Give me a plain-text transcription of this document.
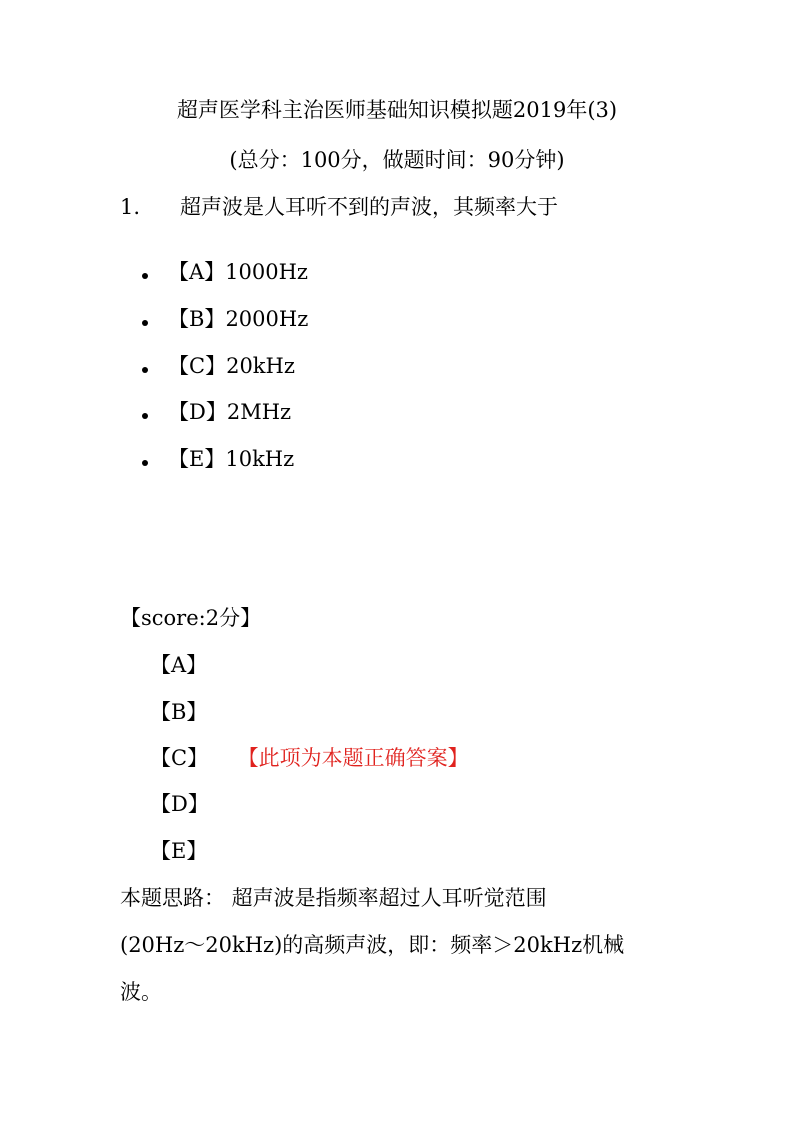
超声医学科主治医师基础知识模拟题2019年(3)
(总分：100分，做题时间：90分钟)
1. 超声波是人耳听不到的声波，其频率大于
【A】1000Hz
【B】2000Hz
【C】20kHz
【D】2MHz
【E】10kHz
【score:2分】
【A】
【B】
【C】 【此项为本题正确答案】
【D】
【E】
本题思路： 超声波是指频率超过人耳听觉范围
(20Hz～20kHz)的高频声波，即：频率＞20kHz机械
波。
